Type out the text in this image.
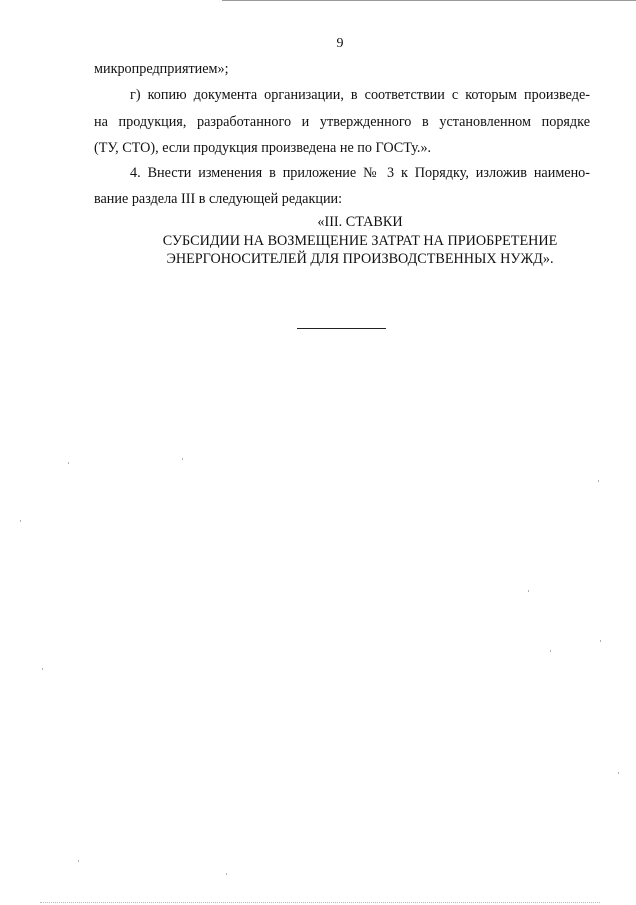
9
микропредприятием»;
г) копию документа организации, в соответствии с которым произведе-
на продукция, разработанного и утвержденного в установленном порядке
(ТУ, СТО), если продукция произведена не по ГОСТу.».
4. Внести изменения в приложение № 3 к Порядку, изложив наимено-
вание раздела III в следующей редакции:
«III. СТАВКИ
СУБСИДИИ НА ВОЗМЕЩЕНИЕ ЗАТРАТ НА ПРИОБРЕТЕНИЕ
ЭНЕРГОНОСИТЕЛЕЙ ДЛЯ ПРОИЗВОДСТВЕННЫХ НУЖД».
